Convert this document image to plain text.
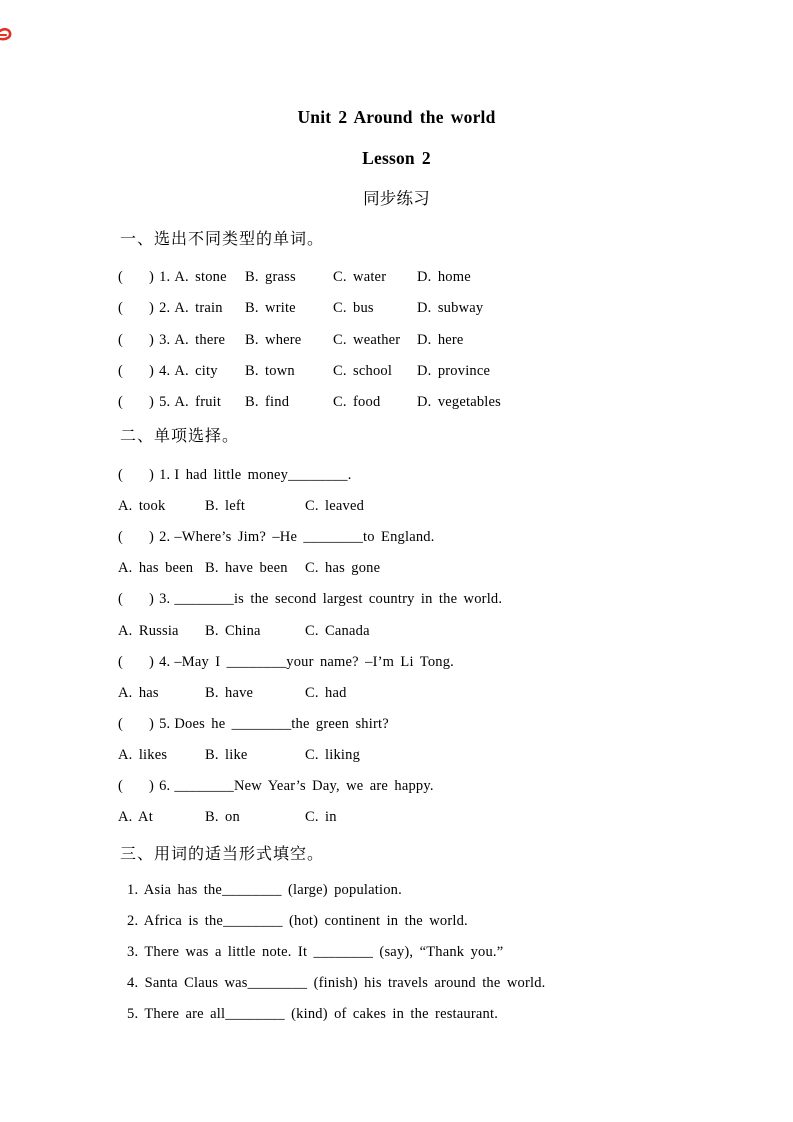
Unit 2 Around the world
Lesson 2
同步练习
一、选出不同类型的单词。
( ) 1. A. stone	B. grass	C. water	D. home
( ) 2. A. train	B. write	C. bus	D. subway
( ) 3. A. there	B. where	C. weather	D. here
( ) 4. A. city	B. town	C. school	D. province
( ) 5. A. fruit	B. find	C. food	D. vegetables
二、单项选择。
( ) 1. I had little money________.
A. took	B. left	C. leaved
( ) 2. –Where’s Jim? –He ________to England.
A. has been B. have been	C. has gone
( ) 3. ________is the second largest country in the world.
A. Russia	B. China	C. Canada
( ) 4. –May I ________your name? –I’m Li Tong.
A. has	B. have	C. had
( ) 5. Does he ________the green shirt?
A. likes	B. like	C. liking
( ) 6. ________New Year’s Day, we are happy.
A. At	B. on	C. in
三、用词的适当形式填空。
1. Asia has the________ (large) population.
2. Africa is the________ (hot) continent in the world.
3. There was a little note. It ________ (say), “Thank you.”
4. Santa Claus was________ (finish) his travels around the world.
5. There are all________ (kind) of cakes in the restaurant.
